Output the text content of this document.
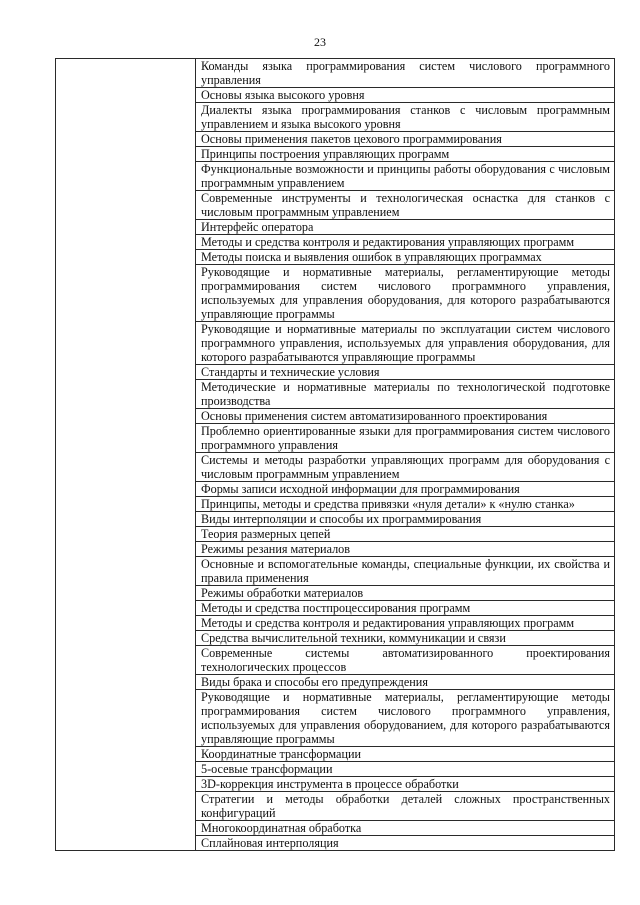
23
	Команды языка программирования систем числового программного управления
Основы языка высокого уровня
Диалекты языка программирования станков с числовым программным управлением и языка высокого уровня
Основы применения пакетов цехового программирования
Принципы построения управляющих программ
Функциональные возможности и принципы работы оборудования с числовым программным управлением
Современные инструменты и технологическая оснастка для станков с числовым программным управлением
Интерфейс оператора
Методы и средства контроля и редактирования управляющих программ
Методы поиска и выявления ошибок в управляющих программах
Руководящие и нормативные материалы, регламентирующие методы программирования систем числового программного управления, используемых для управления оборудования, для которого разрабатываются управляющие программы
Руководящие и нормативные материалы по эксплуатации систем числового программного управления, используемых для управления оборудования, для которого разрабатываются управляющие программы
Стандарты и технические условия
Методические и нормативные материалы по технологической подготовке производства
Основы применения систем автоматизированного проектирования
Проблемно ориентированные языки для программирования систем числового программного управления
Системы и методы разработки управляющих программ для оборудования с числовым программным управлением
Формы записи исходной информации для программирования
Принципы, методы и средства привязки «нуля детали» к «нулю станка»
Виды интерполяции и способы их программирования
Теория размерных цепей
Режимы резания материалов
Основные и вспомогательные команды, специальные функции, их свойства и правила применения
Режимы обработки материалов
Методы и средства постпроцессирования программ
Методы и средства контроля и редактирования управляющих программ
Средства вычислительной техники, коммуникации и связи
Современные системы автоматизированного проектирования технологических процессов
Виды брака и способы его предупреждения
Руководящие и нормативные материалы, регламентирующие методы программирования систем числового программного управления, используемых для управления оборудованием, для которого разрабатываются управляющие программы
Координатные трансформации
5-осевые трансформации
3D-коррекция инструмента в процессе обработки
Стратегии и методы обработки деталей сложных пространственных конфигураций
Многокоординатная обработка
Сплайновая интерполяция
